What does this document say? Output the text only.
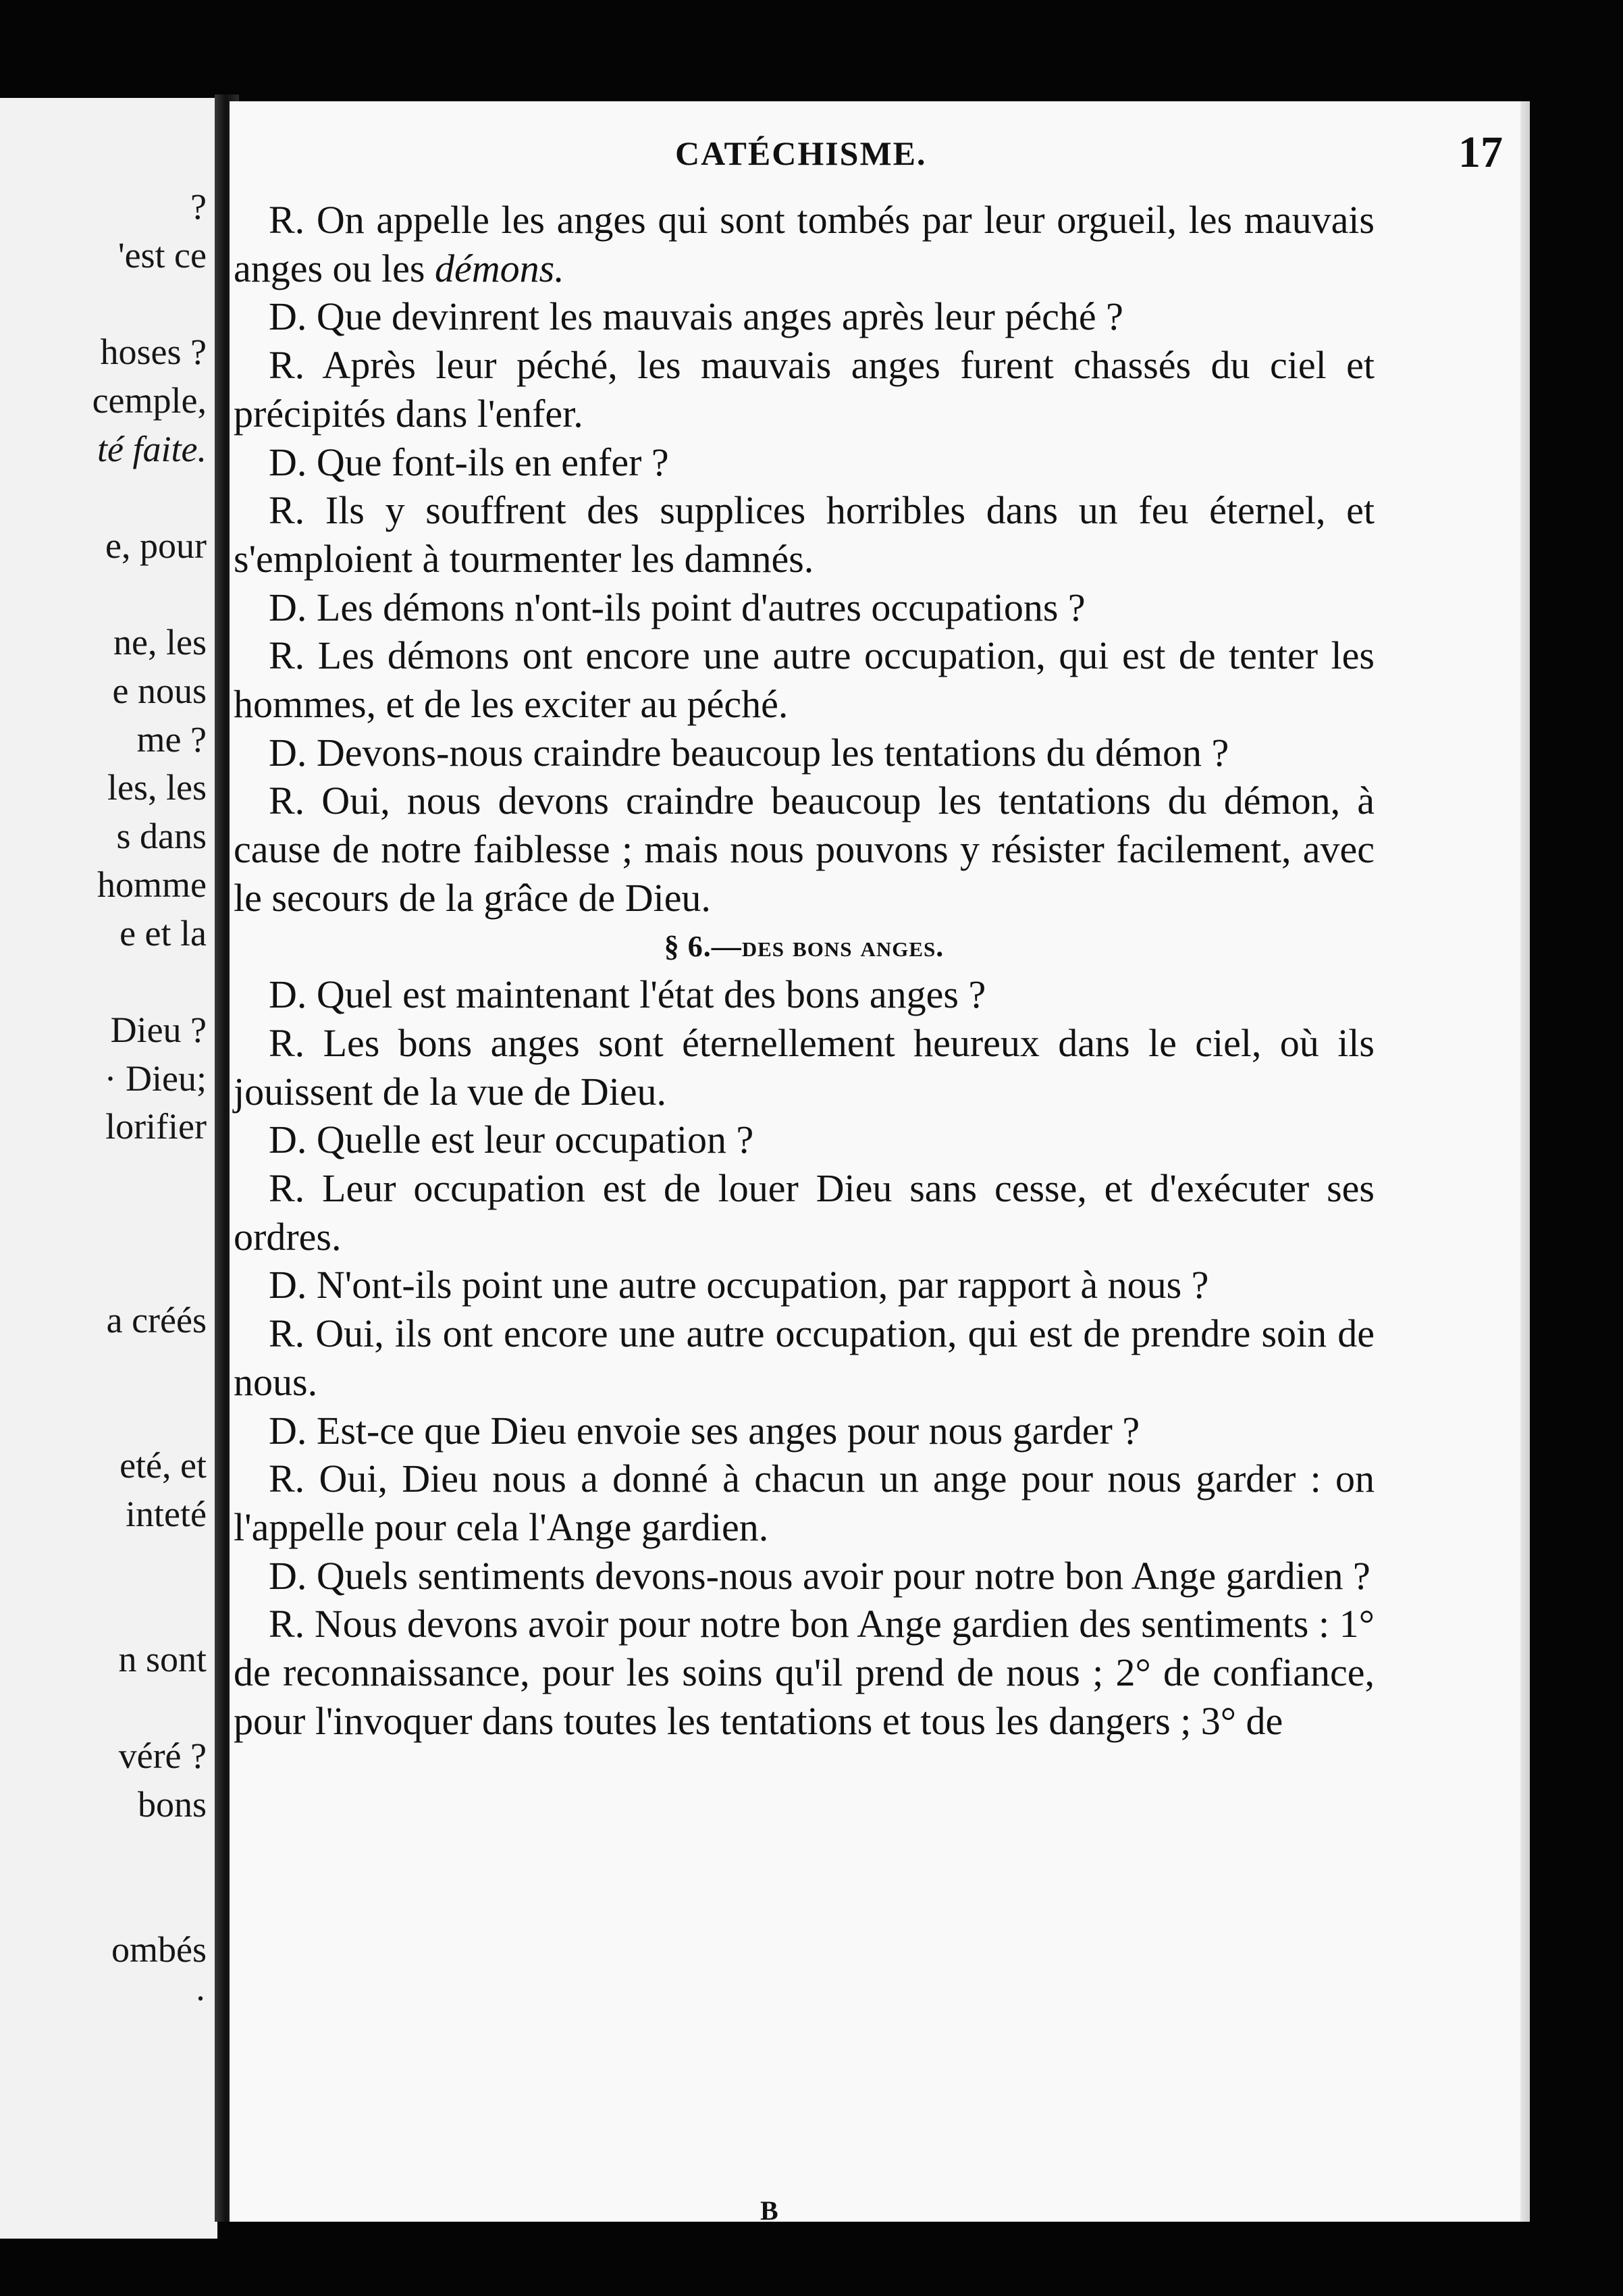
?
'est ce
hoses ?
cemple,
té faite.
e, pour
ne, les
e nous
me ?
les, les
s dans
homme
e et la
Dieu ?
· Dieu;
lorifier
a créés
eté, et
inteté
n sont
véré ?
bons
ombés
·
CATÉCHISME.	17

R. On appelle les anges qui sont tombés par leur orgueil, les mauvais anges ou les démons.

D. Que devinrent les mauvais anges après leur péché ?

R. Après leur péché, les mauvais anges furent chassés du ciel et précipités dans l'enfer.

D. Que font-ils en enfer ?

R. Ils y souffrent des supplices horribles dans un feu éternel, et s'emploient à tourmenter les damnés.

D. Les démons n'ont-ils point d'autres occupations ?

R. Les démons ont encore une autre occupation, qui est de tenter les hommes, et de les exciter au péché.

D. Devons-nous craindre beaucoup les tentations du démon ?

R. Oui, nous devons craindre beaucoup les tentations du démon, à cause de notre faiblesse ; mais nous pouvons y résister facilement, avec le secours de la grâce de Dieu.

§ 6.—des bons anges.

D. Quel est maintenant l'état des bons anges ?

R. Les bons anges sont éternellement heureux dans le ciel, où ils jouissent de la vue de Dieu.

D. Quelle est leur occupation ?

R. Leur occupation est de louer Dieu sans cesse, et d'exécuter ses ordres.

D. N'ont-ils point une autre occupation, par rapport à nous ?

R. Oui, ils ont encore une autre occupation, qui est de prendre soin de nous.

D. Est-ce que Dieu envoie ses anges pour nous garder ?

R. Oui, Dieu nous a donné à chacun un ange pour nous garder : on l'appelle pour cela l'Ange gardien.

D. Quels sentiments devons-nous avoir pour notre bon Ange gardien ?

R. Nous devons avoir pour notre bon Ange gardien des sentiments : 1° de reconnaissance, pour les soins qu'il prend de nous ; 2° de confiance, pour l'invoquer dans toutes les tentations et tous les dangers ; 3° de

B
